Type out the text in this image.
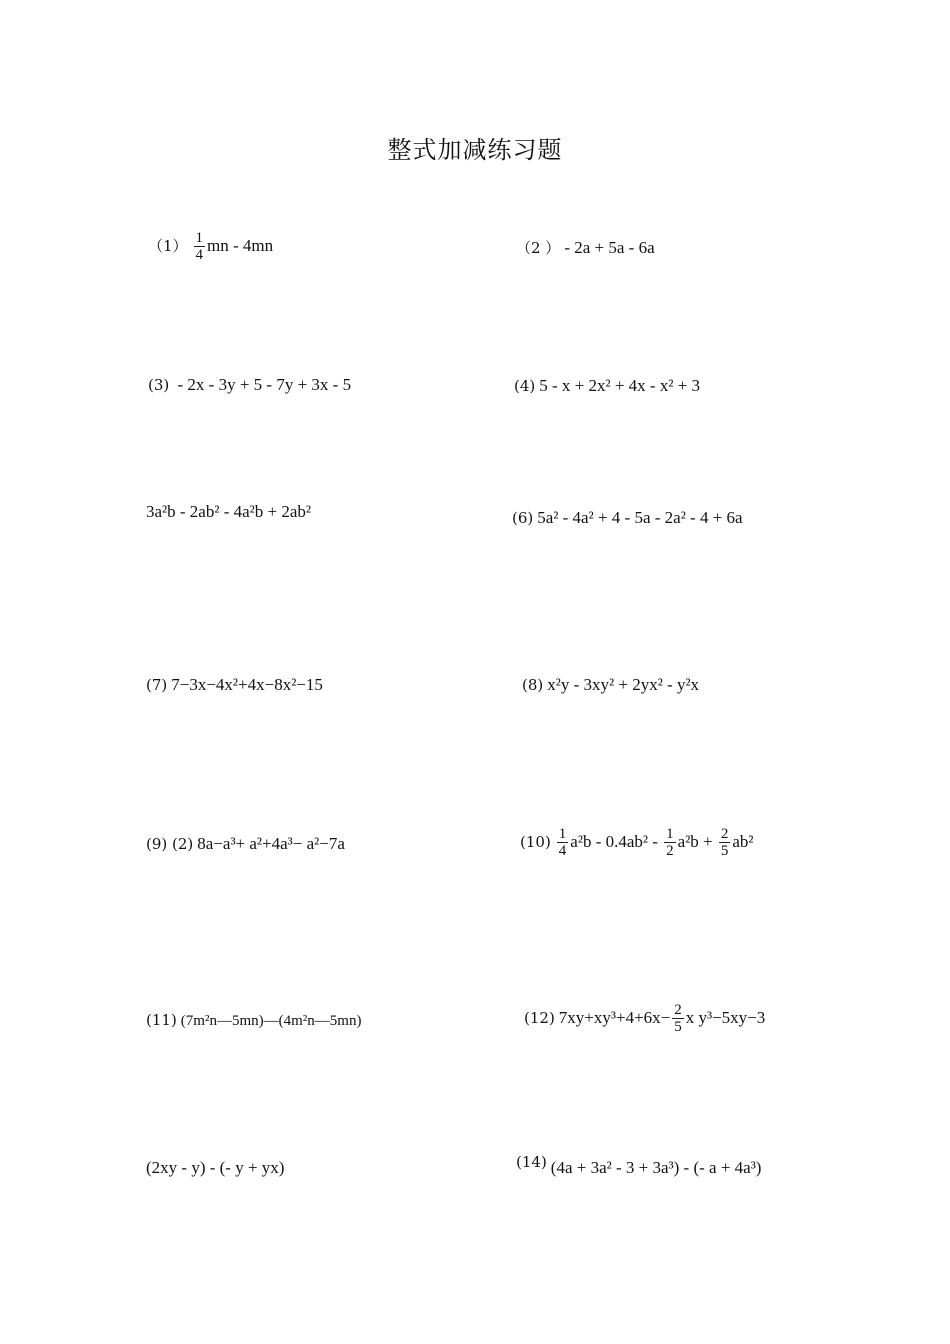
整式加减练习题
$(1) \frac{1}{4}$ mn - 4mn	（2 ） - 2a + 5a - 6a
(3) - 2x - 3y + 5 - 7y + 3x - 5	(4) 5 - x + 2x² + 4x - x² + 3
3a²b - 2ab² - 4a²b + 2ab²	(6) 5a² - 4a² + 4 - 5a - 2a² - 4 + 6a
(7) 7−3x−4x²+4x−8x²−15	(8) x²y - 3xy² + 2yx² - y²x
(9) (2) 8a−a³+ a²+4a³− a²−7a	$(10) \frac{1}{4} a^2b - 0.4ab^2 - \frac{1}{2} a^2b + \frac{2}{5} ab^2$
(11) (7m²n—5mn)—(4m²n—5mn)	(12) $7xy+xy^3+4+6x- \frac{2}{5}$ x y³−5xy−3
(2xy - y) - (- y + yx)	(14) (4a + 3a² - 3 + 3a³) - (- a + 4a³)
